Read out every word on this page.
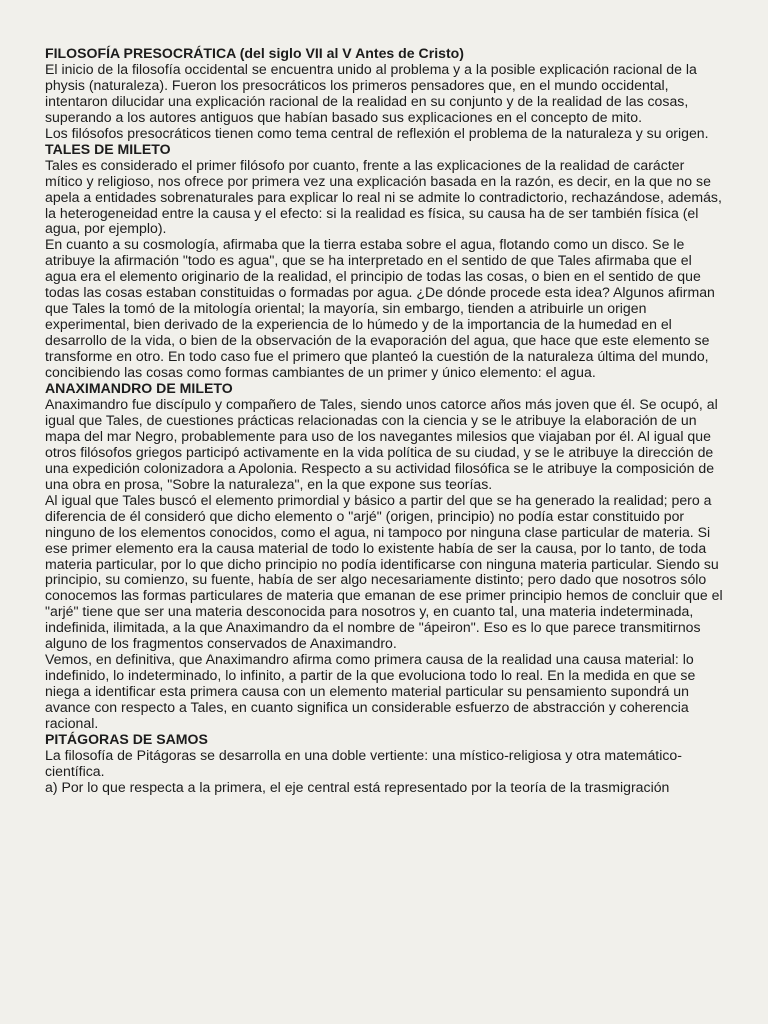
FILOSOFÍA PRESOCRÁTICA (del siglo VII al V Antes de Cristo)

El inicio de la filosofía occidental se encuentra unido al problema y a la posible explicación racional de la physis (naturaleza). Fueron los presocráticos los primeros pensadores que, en el mundo occidental, intentaron dilucidar una explicación racional de la realidad en su conjunto y de la realidad de las cosas, superando a los autores antiguos que habían basado sus explicaciones en el concepto de mito.

Los filósofos presocráticos tienen como tema central de reflexión el problema de la naturaleza y su origen.

TALES DE MILETO

Tales es considerado el primer filósofo por cuanto, frente a las explicaciones de la realidad de carácter mítico y religioso, nos ofrece por primera vez una explicación basada en la razón, es decir, en la que no se apela a entidades sobrenaturales para explicar lo real ni se admite lo contradictorio, rechazándose, además, la heterogeneidad entre la causa y el efecto: si la realidad es física, su causa ha de ser también física (el agua, por ejemplo).

En cuanto a su cosmología, afirmaba que la tierra estaba sobre el agua, flotando como un disco. Se le atribuye la afirmación "todo es agua", que se ha interpretado en el sentido de que Tales afirmaba que el agua era el elemento originario de la realidad, el principio de todas las cosas, o bien en el sentido de que todas las cosas estaban constituidas o formadas por agua. ¿De dónde procede esta idea? Algunos afirman que Tales la tomó de la mitología oriental; la mayoría, sin embargo, tienden a atribuirle un origen experimental, bien derivado de la experiencia de lo húmedo y de la importancia de la humedad en el desarrollo de la vida, o bien de la observación de la evaporación del agua, que hace que este elemento se transforme en otro. En todo caso fue el primero que planteó la cuestión de la naturaleza última del mundo, concibiendo las cosas como formas cambiantes de un primer y único elemento: el agua.

ANAXIMANDRO DE MILETO

Anaximandro fue discípulo y compañero de Tales, siendo unos catorce años más joven que él. Se ocupó, al igual que Tales, de cuestiones prácticas relacionadas con la ciencia y se le atribuye la elaboración de un mapa del mar Negro, probablemente para uso de los navegantes milesios que viajaban por él. Al igual que otros filósofos griegos participó activamente en la vida política de su ciudad, y se le atribuye la dirección de una expedición colonizadora a Apolonia. Respecto a su actividad filosófica se le atribuye la composición de una obra en prosa, "Sobre la naturaleza", en la que expone sus teorías.

Al igual que Tales buscó el elemento primordial y básico a partir del que se ha generado la realidad; pero a diferencia de él consideró que dicho elemento o "arjé" (origen, principio) no podía estar constituido por ninguno de los elementos conocidos, como el agua, ni tampoco por ninguna clase particular de materia. Si ese primer elemento era la causa material de todo lo existente había de ser la causa, por lo tanto, de toda materia particular, por lo que dicho principio no podía identificarse con ninguna materia particular. Siendo su principio, su comienzo, su fuente, había de ser algo necesariamente distinto; pero dado que nosotros sólo conocemos las formas particulares de materia que emanan de ese primer principio hemos de concluir que el "arjé" tiene que ser una materia desconocida para nosotros y, en cuanto tal, una materia indeterminada, indefinida, ilimitada, a la que Anaximandro da el nombre de "ápeiron". Eso es lo que parece transmitirnos alguno de los fragmentos conservados de Anaximandro.

Vemos, en definitiva, que Anaximandro afirma como primera causa de la realidad una causa material: lo indefinido, lo indeterminado, lo infinito, a partir de la que evoluciona todo lo real. En la medida en que se niega a identificar esta primera causa con un elemento material particular su pensamiento supondrá un avance con respecto a Tales, en cuanto significa un considerable esfuerzo de abstracción y coherencia racional.

PITÁGORAS DE SAMOS

La filosofía de Pitágoras se desarrolla en una doble vertiente: una místico-religiosa y otra matemático-científica.

a) Por lo que respecta a la primera, el eje central está representado por la teoría de la trasmigración
